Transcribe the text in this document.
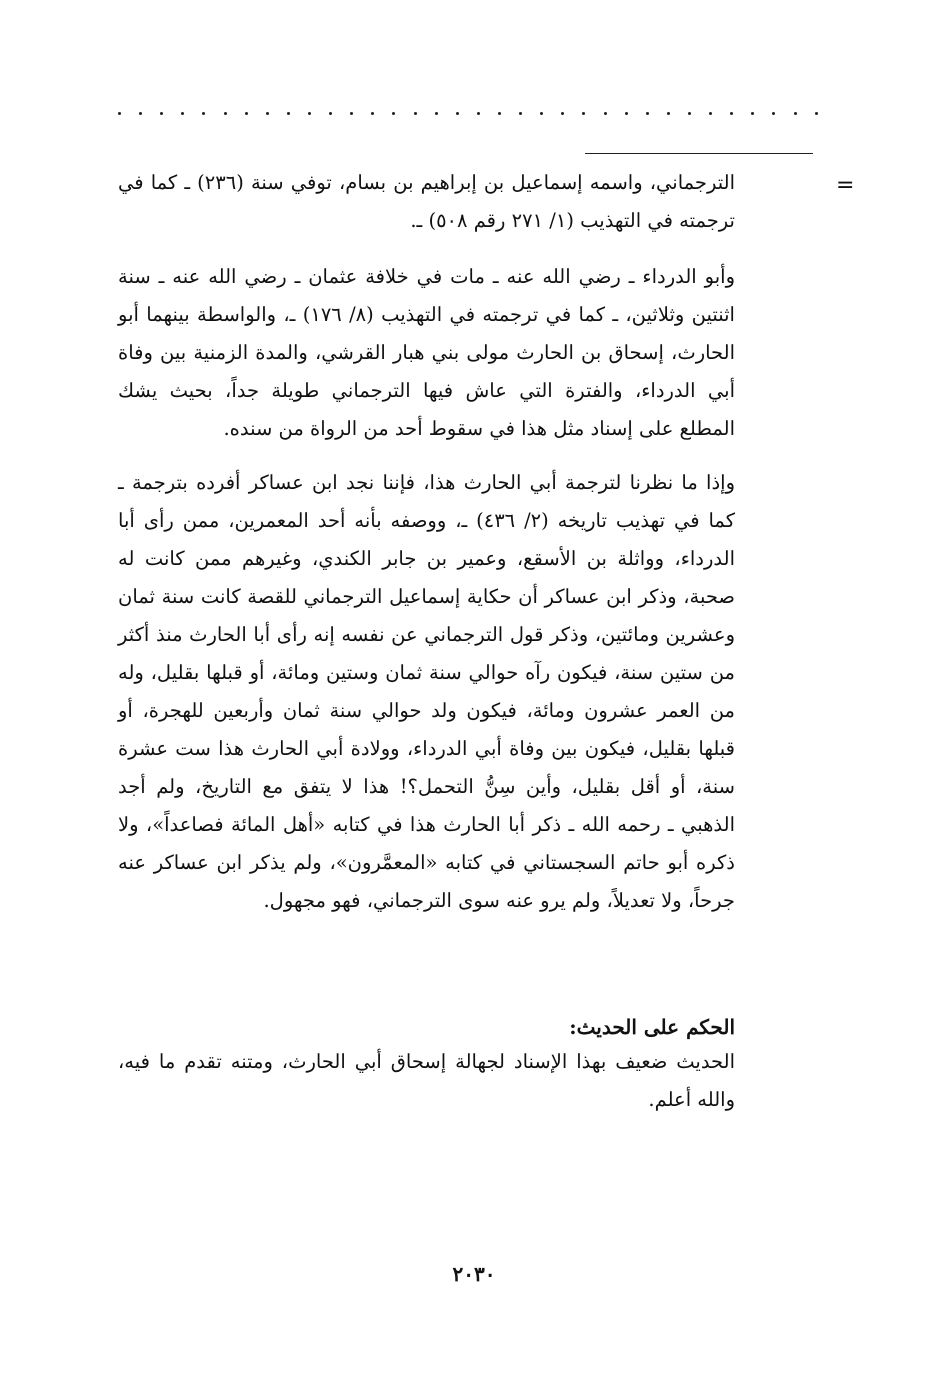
=
الترجماني، واسمه إسماعيل بن إبراهيم بن بسام، توفي سنة (٢٣٦) ـ كما في ترجمته في التهذيب (١/ ٢٧١ رقم ٥٠٨) ـ.
وأبو الدرداء ـ رضي الله عنه ـ مات في خلافة عثمان ـ رضي الله عنه ـ سنة اثنتين وثلاثين، ـ كما في ترجمته في التهذيب (٨/ ١٧٦) ـ، والواسطة بينهما أبو الحارث، إسحاق بن الحارث مولى بني هبار القرشي، والمدة الزمنية بين وفاة أبي الدرداء، والفترة التي عاش فيها الترجماني طويلة جداً، بحيث يشك المطلع على إسناد مثل هذا في سقوط أحد من الرواة من سنده.
وإذا ما نظرنا لترجمة أبي الحارث هذا، فإننا نجد ابن عساكر أفرده بترجمة ـ كما في تهذيب تاريخه (٢/ ٤٣٦) ـ، ووصفه بأنه أحد المعمرين، ممن رأى أبا الدرداء، وواثلة بن الأسقع، وعمير بن جابر الكندي، وغيرهم ممن كانت له صحبة، وذكر ابن عساكر أن حكاية إسماعيل الترجماني للقصة كانت سنة ثمان وعشرين ومائتين، وذكر قول الترجماني عن نفسه إنه رأى أبا الحارث منذ أكثر من ستين سنة، فيكون رآه حوالي سنة ثمان وستين ومائة، أو قبلها بقليل، وله من العمر عشرون ومائة، فيكون ولد حوالي سنة ثمان وأربعين للهجرة، أو قبلها بقليل، فيكون بين وفاة أبي الدرداء، وولادة أبي الحارث هذا ست عشرة سنة، أو أقل بقليل، وأين سِنُّ التحمل؟! هذا لا يتفق مع التاريخ، ولم أجد الذهبي ـ رحمه الله ـ ذكر أبا الحارث هذا في كتابه «أهل المائة فصاعداً»، ولا ذكره أبو حاتم السجستاني في كتابه «المعمَّرون»، ولم يذكر ابن عساكر عنه جرحاً، ولا تعديلاً، ولم يرو عنه سوى الترجماني، فهو مجهول.
الحكم على الحديث:
الحديث ضعيف بهذا الإسناد لجهالة إسحاق أبي الحارث، ومتنه تقدم ما فيه، والله أعلم.
٢٠٣٠
